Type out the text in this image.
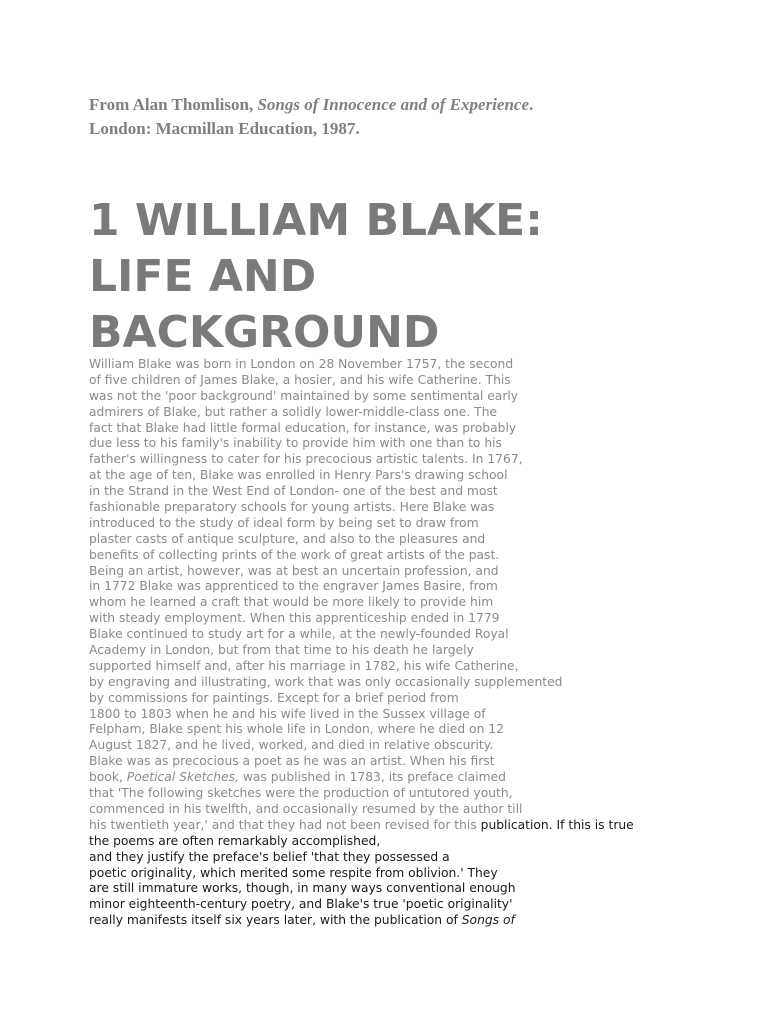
From Alan Thomlison, Songs of Innocence and of Experience.
London: Macmillan Education, 1987.
1 WILLIAM BLAKE:
LIFE AND
BACKGROUND
William Blake was born in London on 28 November 1757, the second
of five children of James Blake, a hosier, and his wife Catherine. This
was not the 'poor background' maintained by some sentimental early
admirers of Blake, but rather a solidly lower-middle-class one. The
fact that Blake had little formal education, for instance, was probably
due less to his family's inability to provide him with one than to his
father's willingness to cater for his precocious artistic talents. In 1767,
at the age of ten, Blake was enrolled in Henry Pars's drawing school
in the Strand in the West End of London- one of the best and most
fashionable preparatory schools for young artists. Here Blake was
introduced to the study of ideal form by being set to draw from
plaster casts of antique sculpture, and also to the pleasures and
benefits of collecting prints of the work of great artists of the past.
Being an artist, however, was at best an uncertain profession, and
in 1772 Blake was apprenticed to the engraver James Basire, from
whom he learned a craft that would be more likely to provide him
with steady employment. When this apprenticeship ended in 1779
Blake continued to study art for a while, at the newly-founded Royal
Academy in London, but from that time to his death he largely
supported himself and, after his marriage in 1782, his wife Catherine,
by engraving and illustrating, work that was only occasionally supplemented
by commissions for paintings. Except for a brief period from
1800 to 1803 when he and his wife lived in the Sussex village of
Felpham, Blake spent his whole life in London, where he died on 12
August 1827, and he lived, worked, and died in relative obscurity.
Blake was as precocious a poet as he was an artist. When his first
book, Poetical Sketches, was published in 1783, its preface claimed
that 'The following sketches were the production of untutored youth,
commenced in his twelfth, and occasionally resumed by the author till
his twentieth year,' and that they had not been revised for this publication. If this is true
the poems are often remarkably accomplished,
and they justify the preface's belief 'that they possessed a
poetic originality, which merited some respite from oblivion.' They
are still immature works, though, in many ways conventional enough
minor eighteenth-century poetry, and Blake's true 'poetic originality'
really manifests itself six years later, with the publication of Songs of
